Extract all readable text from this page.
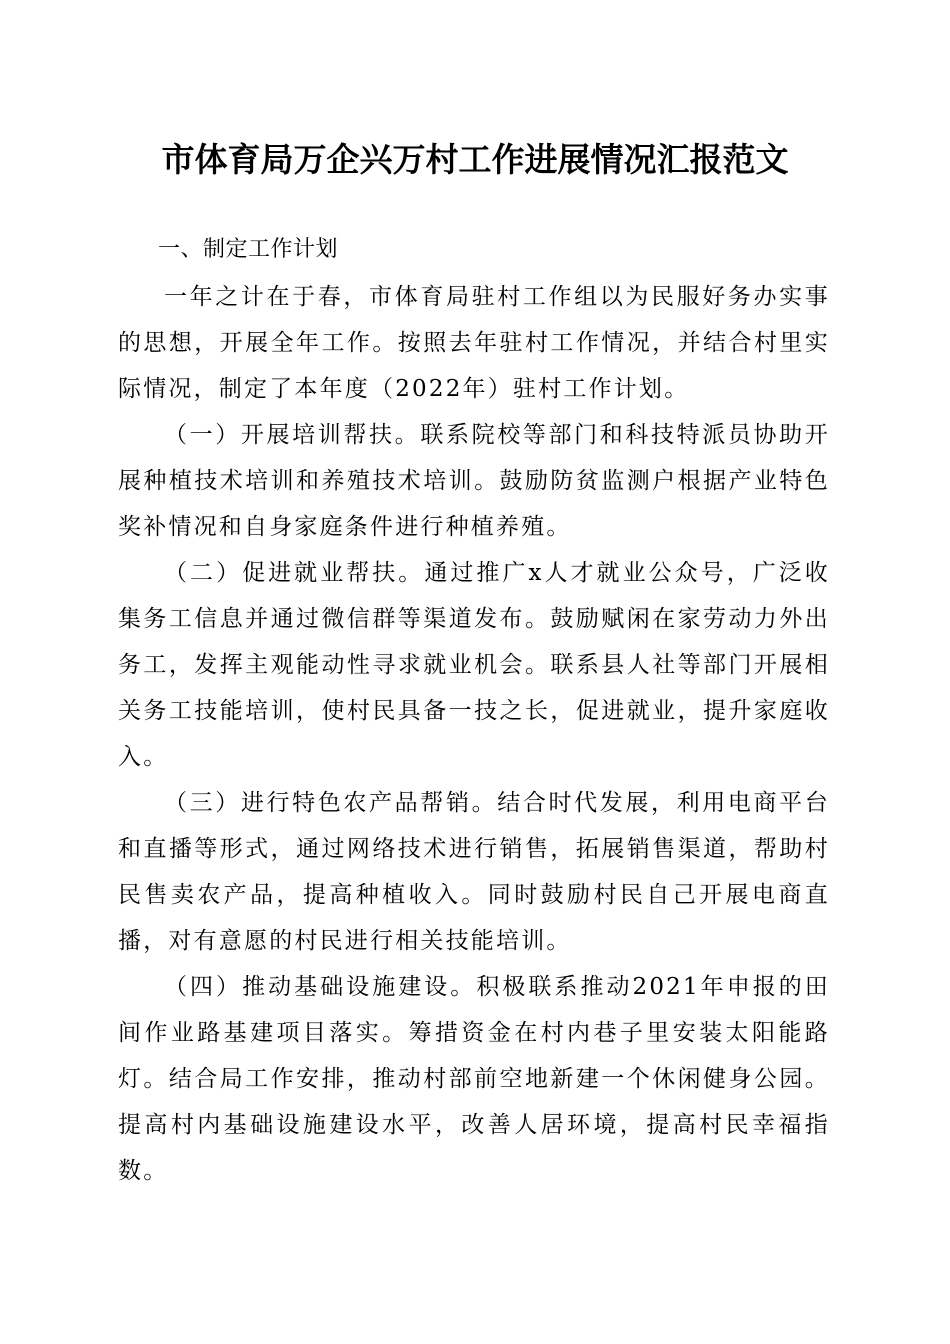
市体育局万企兴万村工作进展情况汇报范文
一、制定工作计划

一年之计在于春，市体育局驻村工作组以为民服好务办实事的思想，开展全年工作。按照去年驻村工作情况，并结合村里实际情况，制定了本年度（2022年）驻村工作计划。

（一）开展培训帮扶。联系院校等部门和科技特派员协助开展种植技术培训和养殖技术培训。鼓励防贫监测户根据产业特色奖补情况和自身家庭条件进行种植养殖。

（二）促进就业帮扶。通过推广x人才就业公众号，广泛收集务工信息并通过微信群等渠道发布。鼓励赋闲在家劳动力外出务工，发挥主观能动性寻求就业机会。联系县人社等部门开展相关务工技能培训，使村民具备一技之长，促进就业，提升家庭收入。

（三）进行特色农产品帮销。结合时代发展，利用电商平台和直播等形式，通过网络技术进行销售，拓展销售渠道，帮助村民售卖农产品，提高种植收入。同时鼓励村民自己开展电商直播，对有意愿的村民进行相关技能培训。

（四）推动基础设施建设。积极联系推动2021年申报的田间作业路基建项目落实。筹措资金在村内巷子里安装太阳能路灯。结合局工作安排，推动村部前空地新建一个休闲健身公园。提高村内基础设施建设水平，改善人居环境，提高村民幸福指数。
